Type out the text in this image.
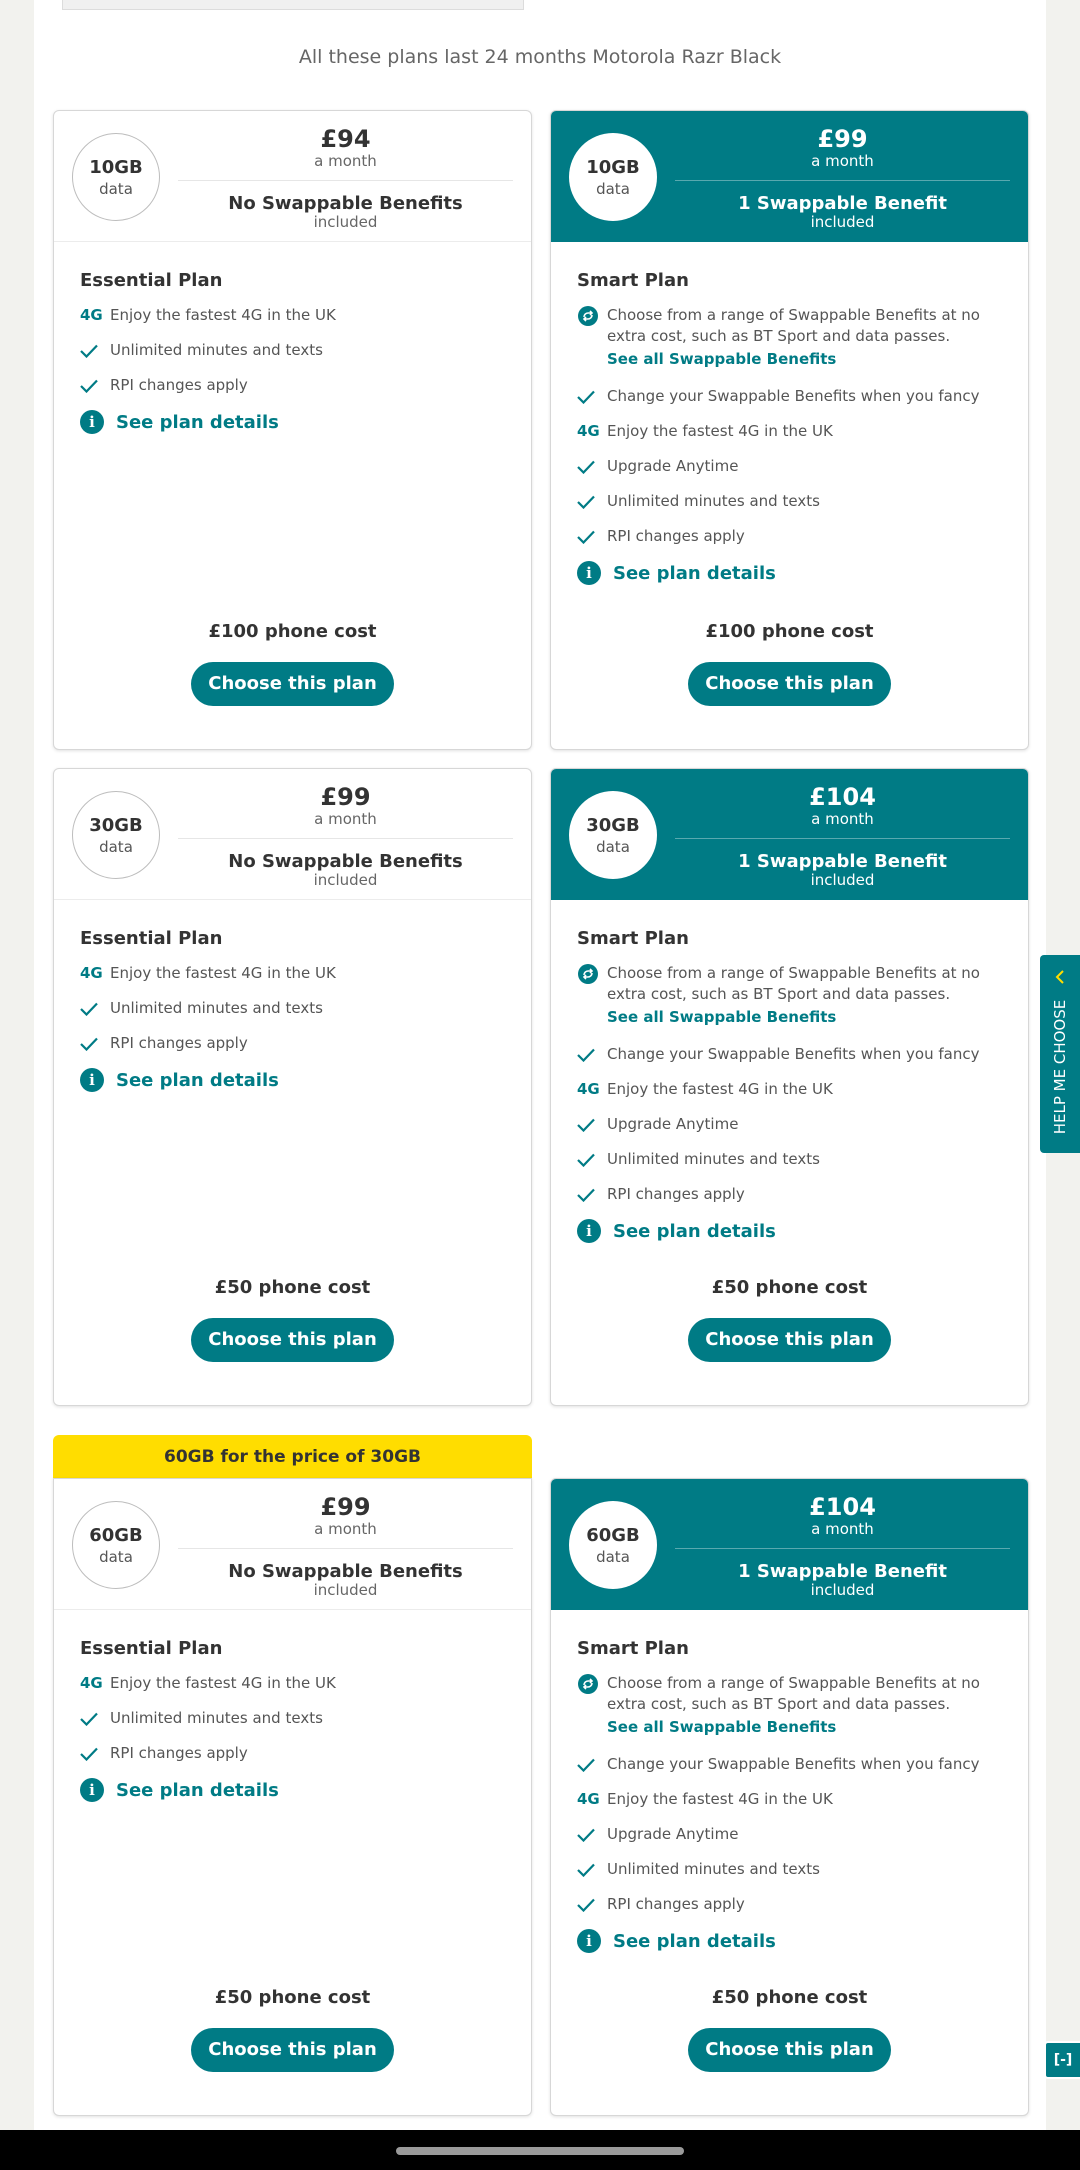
All these plans last 24 months Motorola Razr Black
10GB
data
£94
a month
No Swappable Benefits
included
Essential Plan
4G Enjoy the fastest 4G in the UK
Unlimited minutes and texts
RPI changes apply
i	See plan details
£100 phone cost
Choose this plan
10GB
data
£99
a month
1 Swappable Benefit
included
Smart Plan
Choose from a range of Swappable Benefits at no extra cost, such as BT Sport and data passes.
See all Swappable Benefits
Change your Swappable Benefits when you fancy
4G Enjoy the fastest 4G in the UK
Upgrade Anytime
Unlimited minutes and texts
RPI changes apply
i	See plan details
£100 phone cost
Choose this plan
30GB
data
£99
a month
No Swappable Benefits
included
Essential Plan
4G Enjoy the fastest 4G in the UK
Unlimited minutes and texts
RPI changes apply
i	See plan details
£50 phone cost
Choose this plan
30GB
data
£104
a month
1 Swappable Benefit
included
Smart Plan
Choose from a range of Swappable Benefits at no extra cost, such as BT Sport and data passes.
See all Swappable Benefits
Change your Swappable Benefits when you fancy
4G Enjoy the fastest 4G in the UK
Upgrade Anytime
Unlimited minutes and texts
RPI changes apply
i	See plan details
£50 phone cost
Choose this plan
60GB for the price of 30GB
60GB
data
£99
a month
No Swappable Benefits
included
Essential Plan
4G Enjoy the fastest 4G in the UK
Unlimited minutes and texts
RPI changes apply
i	See plan details
£50 phone cost
Choose this plan
60GB
data
£104
a month
1 Swappable Benefit
included
Smart Plan
Choose from a range of Swappable Benefits at no extra cost, such as BT Sport and data passes.
See all Swappable Benefits
Change your Swappable Benefits when you fancy
4G Enjoy the fastest 4G in the UK
Upgrade Anytime
Unlimited minutes and texts
RPI changes apply
i	See plan details
£50 phone cost
Choose this plan
HELP ME CHOOSE
[-]
